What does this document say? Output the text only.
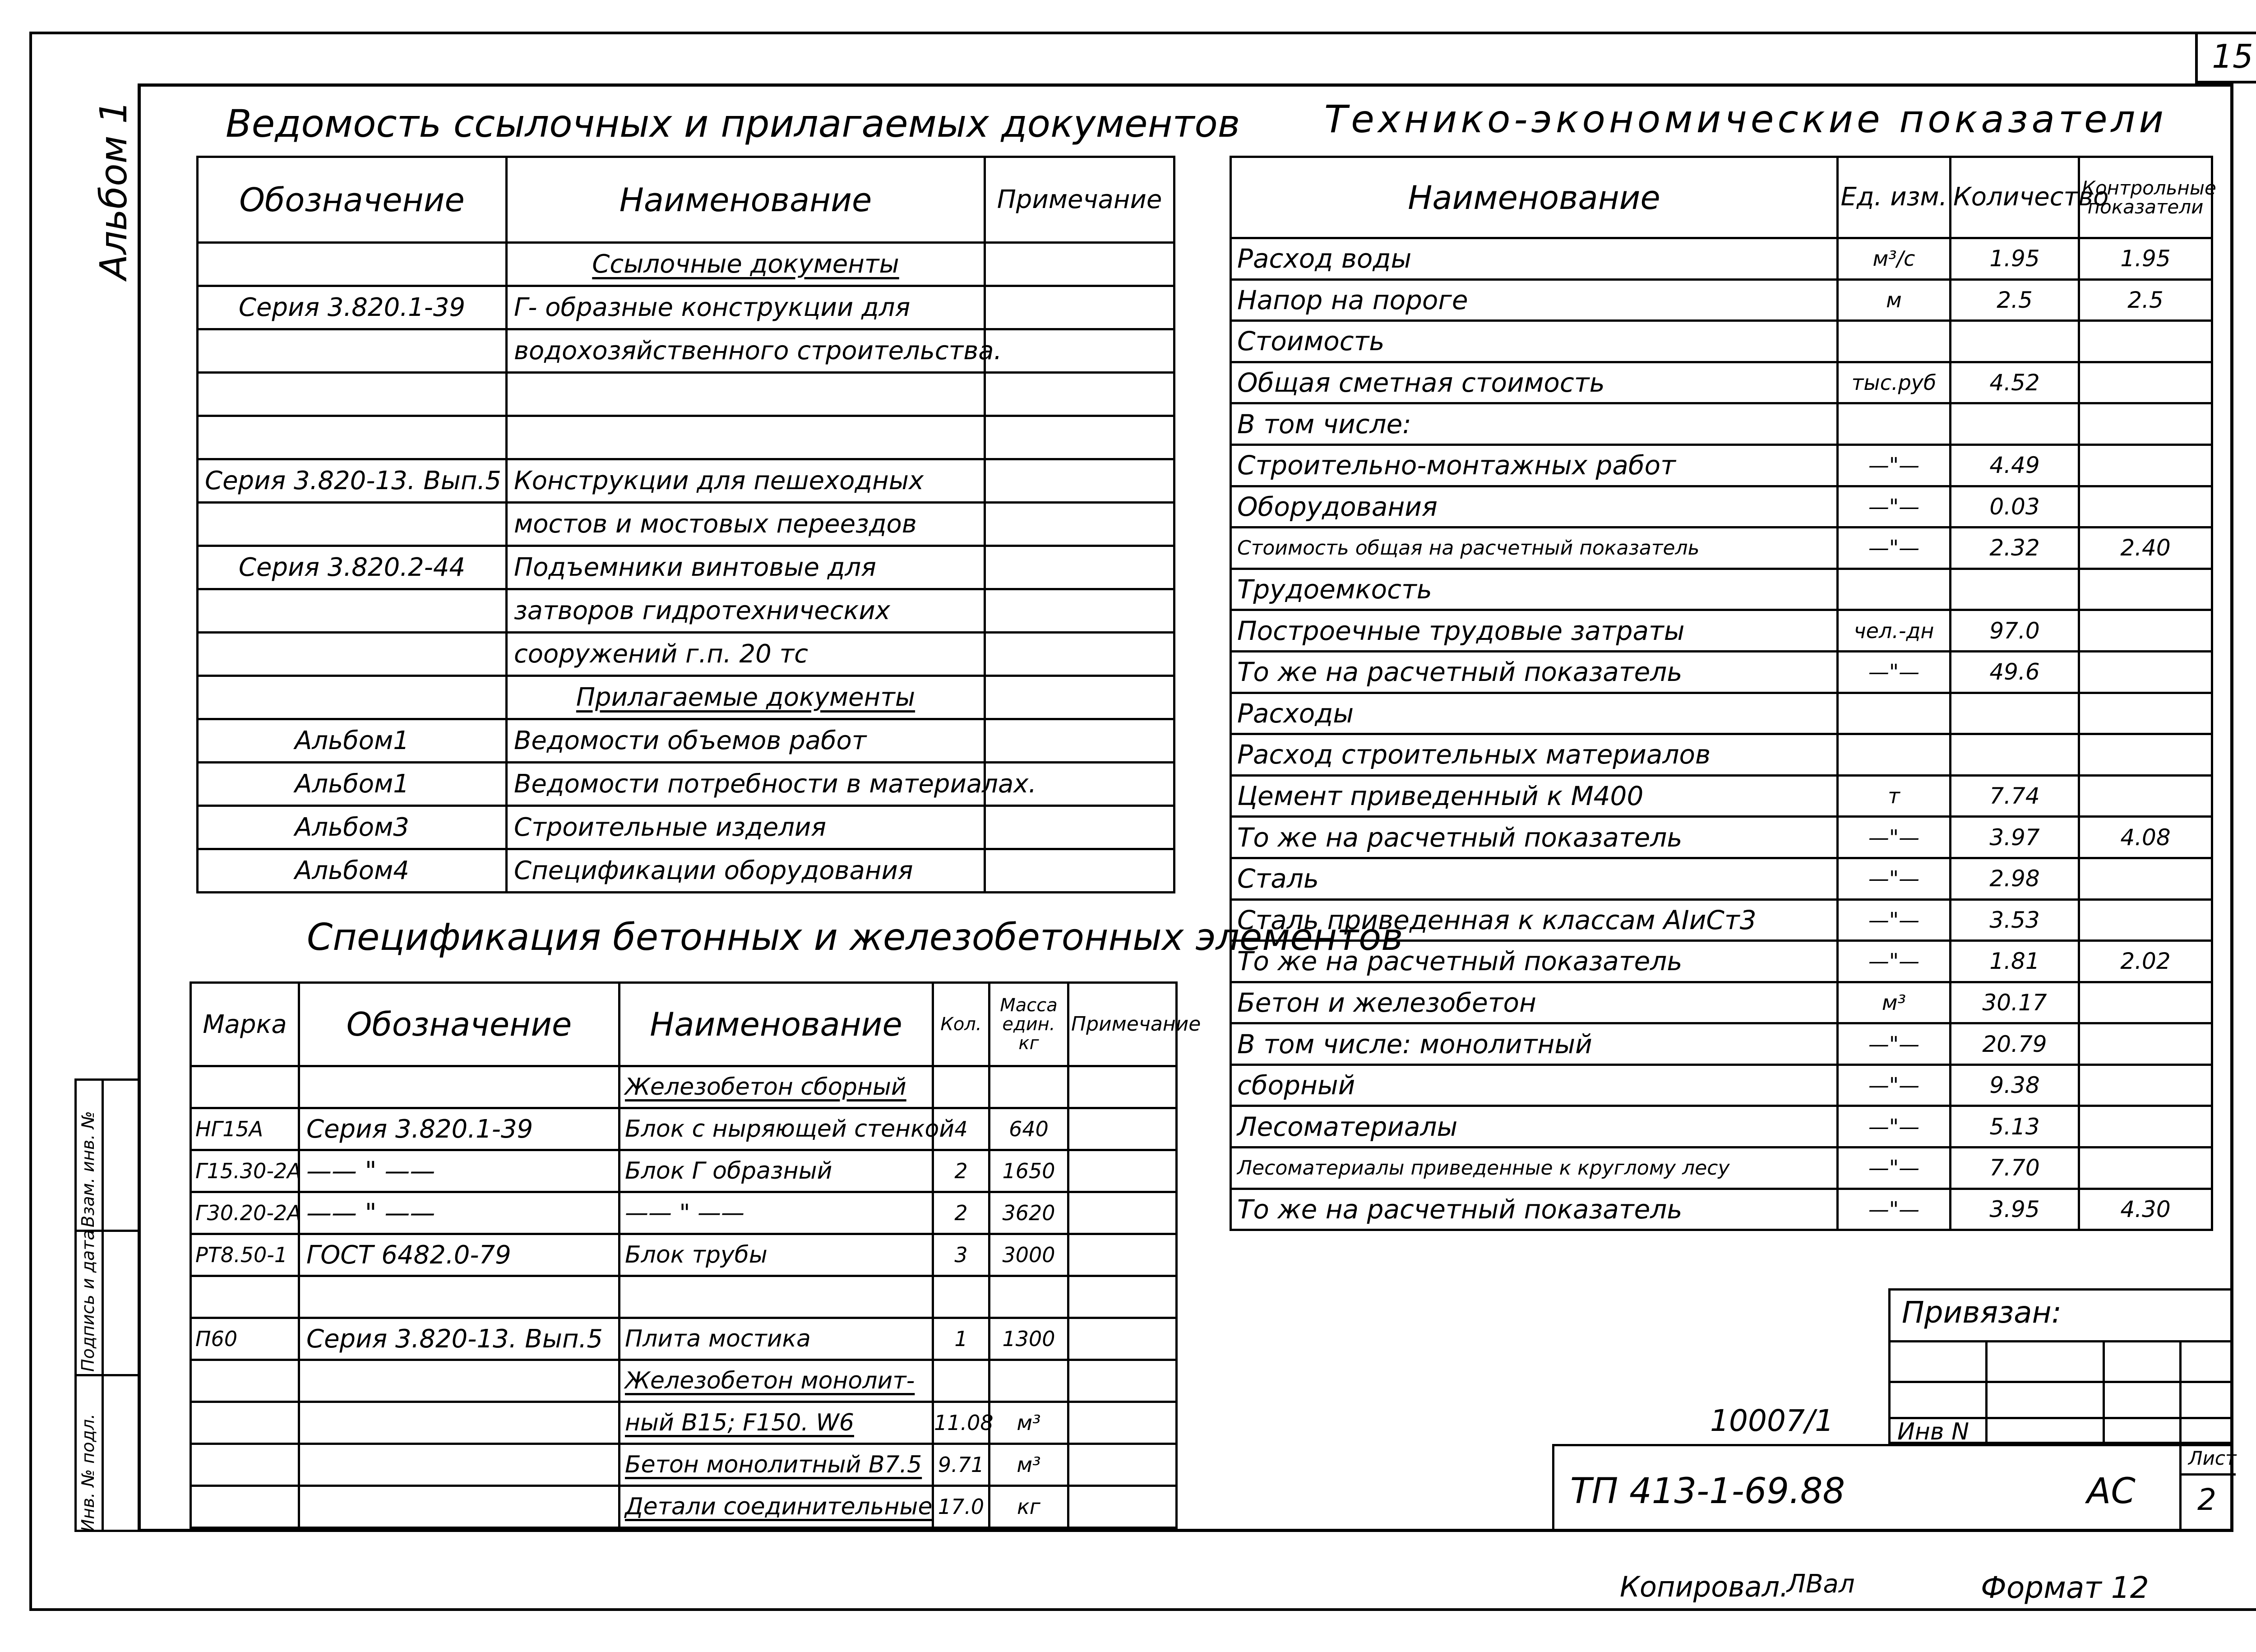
15
Альбом 1
Инв. № подл.
Подпись и дата
Взам. инв. №
Ведомость ссылочных и прилагаемых документов
Обозначение	Наименование	Примечание
	Ссылочные документы	
Серия 3.820.1-39	Г- образные конструкции для	
	водохозяйственного строительства.	

Серия 3.820-13. Вып.5	Конструкции для пешеходных	
	мостов и мостовых переездов	
Серия 3.820.2-44	Подъемники винтовые для	
	затворов гидротехнических	
	сооружений г.п. 20 тс	
	Прилагаемые документы	
Альбом1	Ведомости объемов работ	
Альбом1	Ведомости потребности в материалах.	
Альбом3	Строительные изделия	
Альбом4	Спецификации оборудования	
Спецификация бетонных и железобетонных элементов
Марка	Обозначение	Наименование	Кол.	Масса един. кг	Примечание
		Железобетон сборный			
НГ15А	Серия 3.820.1-39	Блок с ныряющей стенкой	4	640	
Г15.30-2А	—— " ——	Блок Г образный	2	1650	
Г30.20-2А	—— " ——	—— " ——	2	3620	
РТ8.50-1	ГОСТ 6482.0-79	Блок трубы	3	3000	

П60	Серия 3.820-13. Вып.5	Плита мостика	1	1300	
		Железобетон монолит-			
		ный В15; F150. W6	11.08	м³	
		Бетон монолитный В7.5	9.71	м³	
		Детали соединительные	17.0	кг	
Технико-экономические показатели
Наименование	Ед. изм.	Количество	Контрольные показатели
Расход воды	м³/с	1.95	1.95
Напор на пороге	м	2.5	2.5
Стоимость			
Общая сметная стоимость	тыс.руб	4.52	
В том числе:			
Строительно-монтажных работ	—"—	4.49	
Оборудования	—"—	0.03	
Стоимость общая на расчетный показатель	—"—	2.32	2.40
Трудоемкость			
Построечные трудовые затраты	чел.-дн	97.0	
То же на расчетный показатель	—"—	49.6	
Расходы			
Расход строительных материалов			
Цемент приведенный к М400	т	7.74	
То же на расчетный показатель	—"—	3.97	4.08
Сталь	—"—	2.98	
Сталь приведенная к классам АIиСт3	—"—	3.53	
То же на расчетный показатель	—"—	1.81	2.02
Бетон и железобетон	м³	30.17	
В том числе: монолитный	—"—	20.79	
сборный	—"—	9.38	
Лесоматериалы	—"—	5.13	
Лесоматериалы приведенные к круглому лесу	—"—	7.70	
То же на расчетный показатель	—"—	3.95	4.30
Привязан:
Инв N
10007/1
ТП 413-1-69.88	АС
Лист
2
Копировал.
ЛВал	Формат 12
